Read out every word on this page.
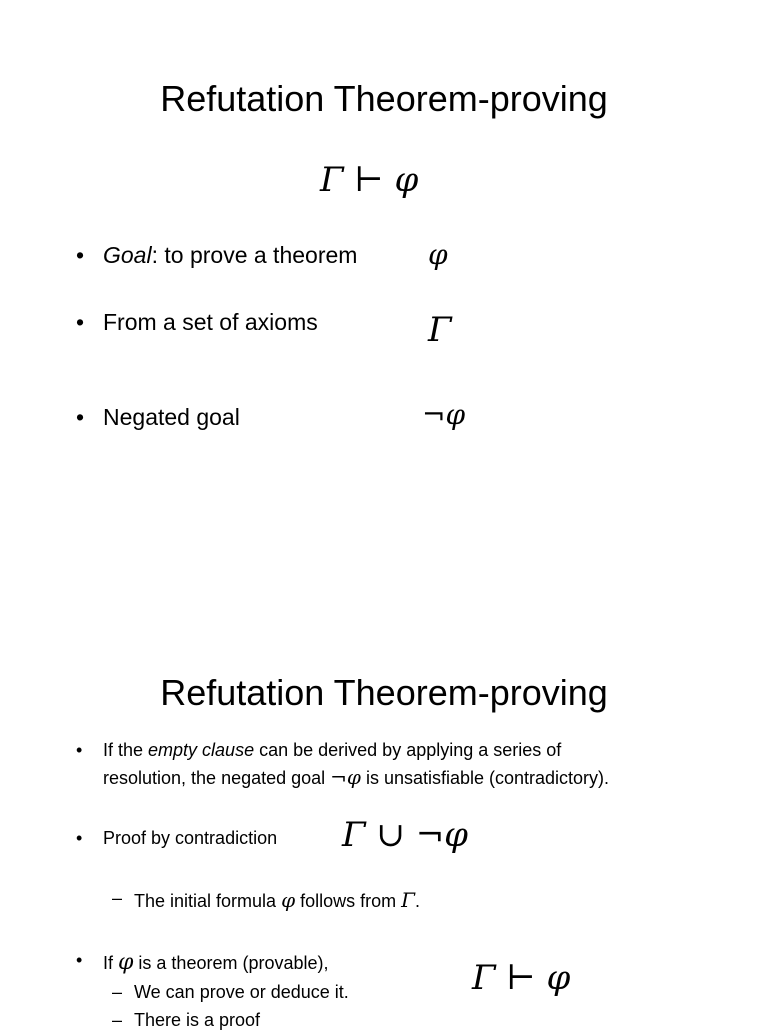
Refutation Theorem-proving
Γ ⊢ φ
• Goal: to prove a theorem	φ
• From a set of axioms	Γ
• Negated goal	¬φ
Refutation Theorem-proving
• If the empty clause can be derived by applying a series of
resolution, the negated goal ¬φ is unsatisfiable (contradictory).
• Proof by contradiction Γ ∪ ¬φ
– The initial formula φ follows from Γ.
• If φ is a theorem (provable),	Γ ⊢ φ
– We can prove or deduce it.
– There is a proof
